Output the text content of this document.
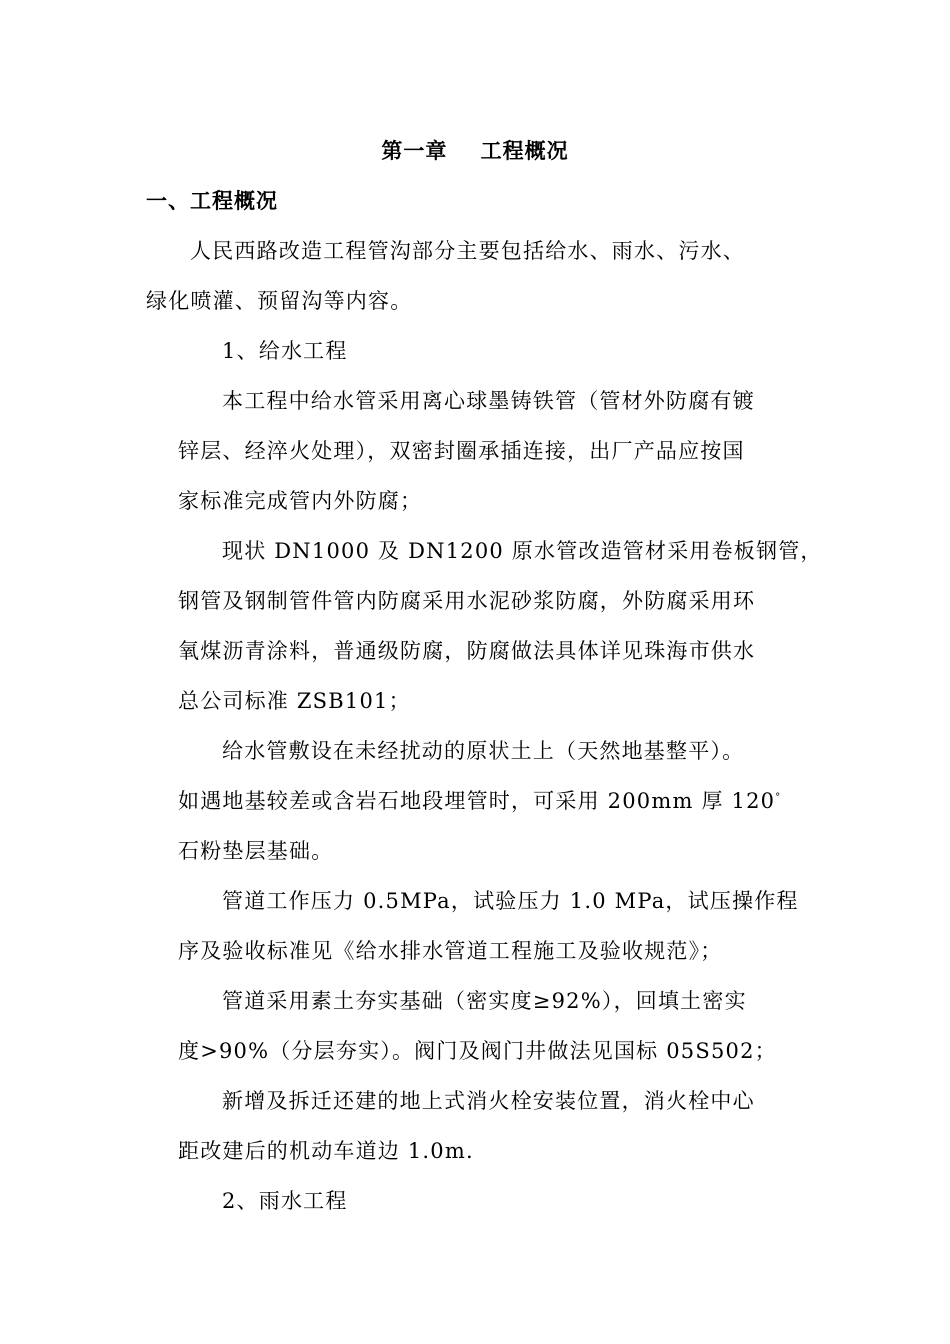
第一章    工程概况
一、工程概况
人民西路改造工程管沟部分主要包括给水、雨水、污水、
绿化喷灌、预留沟等内容。
1、给水工程
本工程中给水管采用离心球墨铸铁管（管材外防腐有镀
锌层、经淬火处理），双密封圈承插连接，出厂产品应按国
家标准完成管内外防腐；
现状 DN1000 及 DN1200 原水管改造管材采用卷板钢管，
钢管及钢制管件管内防腐采用水泥砂浆防腐，外防腐采用环
氧煤沥青涂料，普通级防腐，防腐做法具体详见珠海市供水
总公司标准 ZSB101；
给水管敷设在未经扰动的原状土上（天然地基整平）。
如遇地基较差或含岩石地段埋管时，可采用 200mm 厚 120°
石粉垫层基础。
管道工作压力 0.5MPa，试验压力 1.0 MPa，试压操作程
序及验收标准见《给水排水管道工程施工及验收规范》；
管道采用素土夯实基础（密实度≥92%），回填土密实
度>90%（分层夯实）。阀门及阀门井做法见国标 05S502；
新增及拆迁还建的地上式消火栓安装位置，消火栓中心
距改建后的机动车道边 1.0m.
2、雨水工程
